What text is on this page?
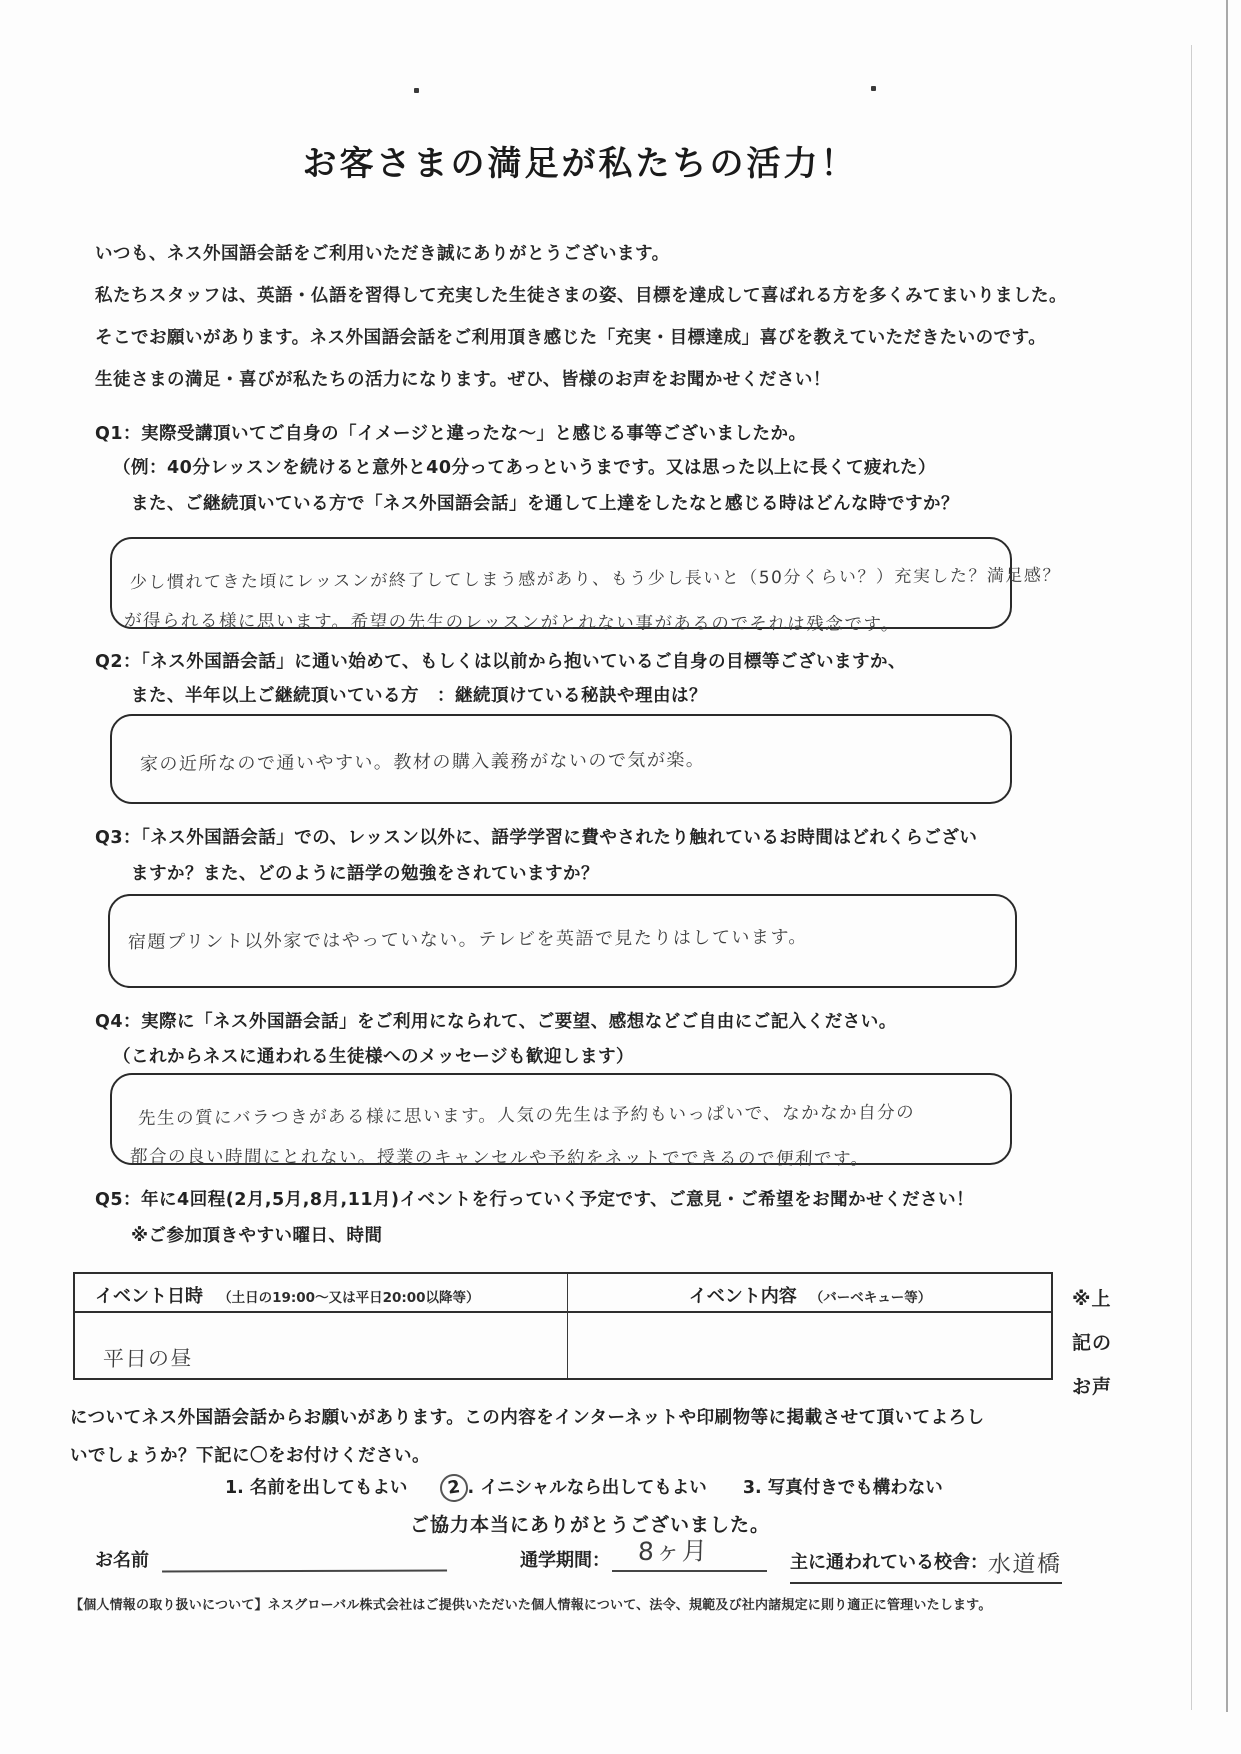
お客さまの満足が私たちの活力！

いつも、ネス外国語会話をご利用いただき誠にありがとうございます。

私たちスタッフは、英語・仏語を習得して充実した生徒さまの姿、目標を達成して喜ばれる方を多くみてまいりました。

そこでお願いがあります。ネス外国語会話をご利用頂き感じた「充実・目標達成」喜びを教えていただきたいのです。

生徒さまの満足・喜びが私たちの活力になります。ぜひ、皆様のお声をお聞かせください！

Q1：実際受講頂いてご自身の「イメージと違ったな～」と感じる事等ございましたか。

（例：40分レッスンを続けると意外と40分ってあっというまです。又は思った以上に長くて疲れた）

また、ご継続頂いている方で「ネス外国語会話」を通して上達をしたなと感じる時はどんな時ですか？

少し慣れてきた頃にレッスンが終了してしまう感があり、もう少し長いと（50分くらい？）充実した？満足感？

が得られる様に思います。希望の先生のレッスンがとれない事があるのでそれは残念です。

Q2：「ネス外国語会話」に通い始めて、もしくは以前から抱いているご自身の目標等ございますか、

また、半年以上ご継続頂いている方　：継続頂けている秘訣や理由は？

家の近所なので通いやすい。教材の購入義務がないので気が楽。

Q3：「ネス外国語会話」での、レッスン以外に、語学学習に費やされたり触れているお時間はどれくらござい

ますか？また、どのように語学の勉強をされていますか？

宿題プリント以外家ではやっていない。テレビを英語で見たりはしています。

Q4：実際に「ネス外国語会話」をご利用になられて、ご要望、感想などご自由にご記入ください。

（これからネスに通われる生徒様へのメッセージも歓迎します）

先生の質にバラつきがある様に思います。人気の先生は予約もいっぱいで、なかなか自分の

都合の良い時間にとれない。授業のキャンセルや予約をネットでできるので便利です。

Q5：年に4回程(2月,5月,8月,11月)イベントを行っていく予定です、ご意見・ご希望をお聞かせください！

※ご参加頂きやすい曜日、時間

イベント日時 （土日の19:00～又は平日20:00以降等）	イベント内容 （バーベキュー等）

平日の昼

※上

記の

お声

についてネス外国語会話からお願いがあります。この内容をインターネットや印刷物等に掲載させて頂いてよろし

いでしょうか？下記に〇をお付けください。

1. 名前を出してもよい 2 . イニシャルなら出してもよい 3. 写真付きでも構わない

ご協力本当にありがとうございました。

お名前	通学期間： 8ヶ月	主に通われている校舎：水道橋

【個人情報の取り扱いについて】ネスグローバル株式会社はご提供いただいた個人情報について、法令、規範及び社内諸規定に則り適正に管理いたします。
